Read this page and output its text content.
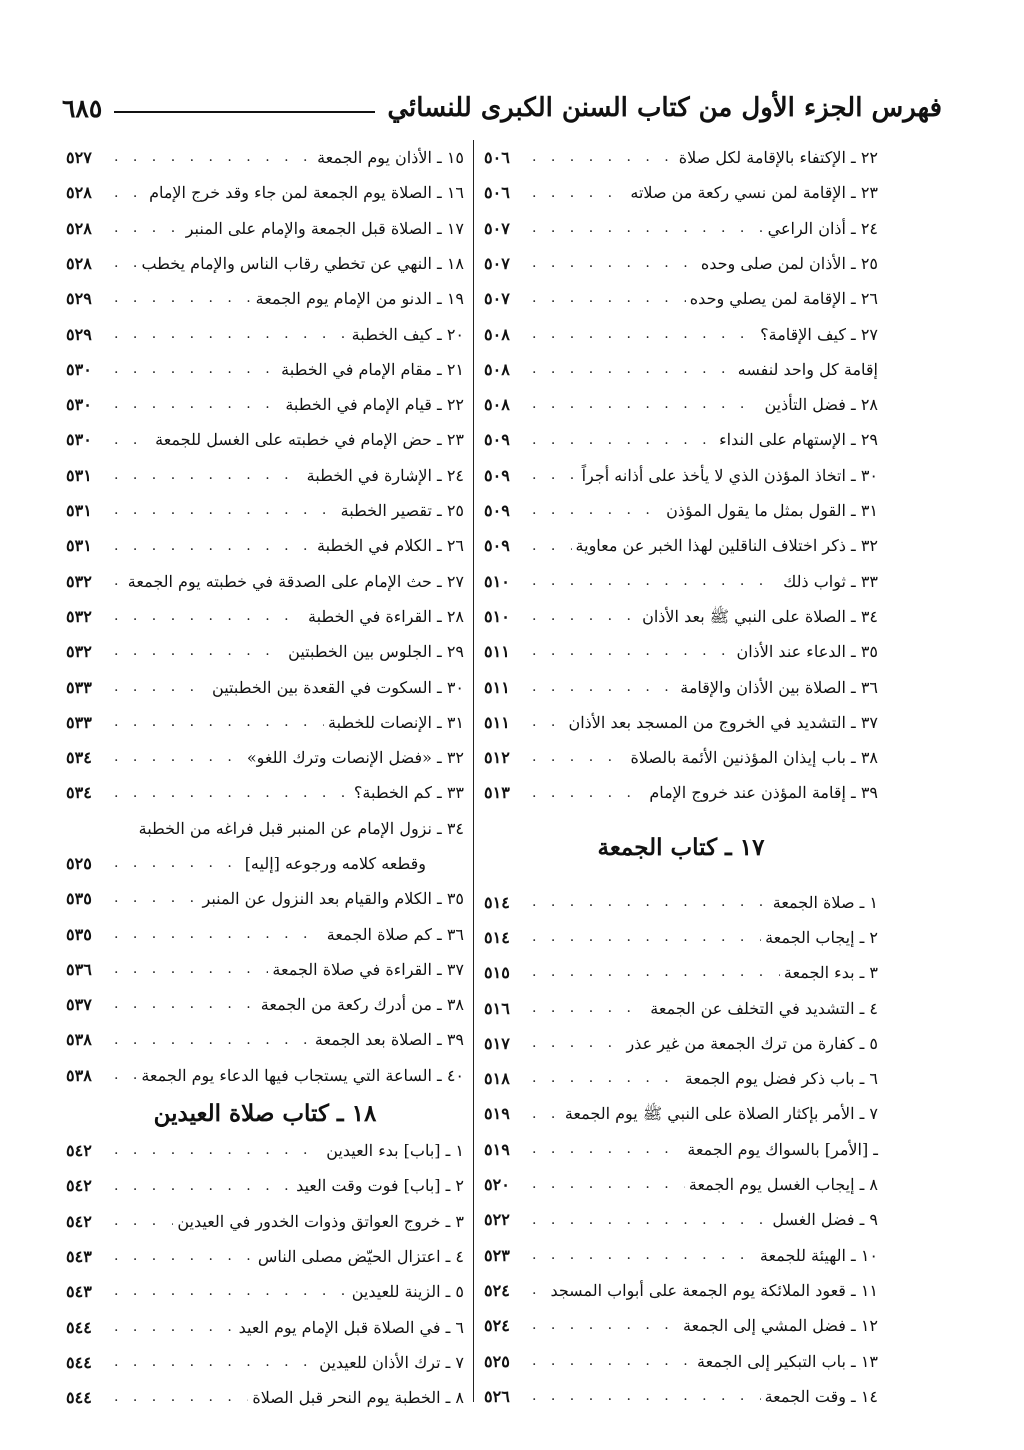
فهرس الجزء الأول من كتاب السنن الكبرى للنسائي
٦٨٥
٢٢ ـ الإكتفاء بالإقامة لكل صلاة
. . .
٥٠٦
٢٣ ـ الإقامة لمن نسي ركعة من صلاته
. . .
٥٠٦
٢٤ ـ أذان الراعي
. . .
٥٠٧
٢٥ ـ الأذان لمن صلى وحده
. . .
٥٠٧
٢٦ ـ الإقامة لمن يصلي وحده
. . .
٥٠٧
٢٧ ـ كيف الإقامة؟
. . .
٥٠٨
إقامة كل واحد لنفسه
. . .
٥٠٨
٢٨ ـ فضل التأذين
. . .
٥٠٨
٢٩ ـ الإستهام على النداء
. . .
٥٠٩
٣٠ ـ اتخاذ المؤذن الذي لا يأخذ على أذانه أجراً
. . .
٥٠٩
٣١ ـ القول بمثل ما يقول المؤذن
. . .
٥٠٩
٣٢ ـ ذكر اختلاف الناقلين لهذا الخبر عن معاوية
. . .
٥٠٩
٣٣ ـ ثواب ذلك
. . .
٥١٠
٣٤ ـ الصلاة على النبي ﷺ بعد الأذان
. . .
٥١٠
٣٥ ـ الدعاء عند الأذان
. . .
٥١١
٣٦ ـ الصلاة بين الأذان والإقامة
. . .
٥١١
٣٧ ـ التشديد في الخروج من المسجد بعد الأذان
. . .
٥١١
٣٨ ـ باب إيذان المؤذنين الأئمة بالصلاة
. . .
٥١٢
٣٩ ـ إقامة المؤذن عند خروج الإمام
. . .
٥١٣
١٧ ـ كتاب الجمعة
١ ـ صلاة الجمعة
. . .
٥١٤
٢ ـ إيجاب الجمعة
. . .
٥١٤
٣ ـ بدء الجمعة
. . .
٥١٥
٤ ـ التشديد في التخلف عن الجمعة
. . .
٥١٦
٥ ـ كفارة من ترك الجمعة من غير عذر
. . .
٥١٧
٦ ـ باب ذكر فضل يوم الجمعة
. . .
٥١٨
٧ ـ الأمر بإكثار الصلاة على النبي ﷺ يوم الجمعة
. . .
٥١٩
ـ [الأمر] بالسواك يوم الجمعة
. . .
٥١٩
٨ ـ إيجاب الغسل يوم الجمعة
. . .
٥٢٠
٩ ـ فضل الغسل
. . .
٥٢٢
١٠ ـ الهيئة للجمعة
. . .
٥٢٣
١١ ـ قعود الملائكة يوم الجمعة على أبواب المسجد
. . .
٥٢٤
١٢ ـ فضل المشي إلى الجمعة
. . .
٥٢٤
١٣ ـ باب التبكير إلى الجمعة
. . .
٥٢٥
١٤ ـ وقت الجمعة
. . .
٥٢٦
١٥ ـ الأذان يوم الجمعة
. . .
٥٢٧
١٦ ـ الصلاة يوم الجمعة لمن جاء وقد خرج الإمام
. . .
٥٢٨
١٧ ـ الصلاة قبل الجمعة والإمام على المنبر
. . .
٥٢٨
١٨ ـ النهي عن تخطي رقاب الناس والإمام يخطب
. . .
٥٢٨
١٩ ـ الدنو من الإمام يوم الجمعة
. . .
٥٢٩
٢٠ ـ كيف الخطبة
. . .
٥٢٩
٢١ ـ مقام الإمام في الخطبة
. . .
٥٣٠
٢٢ ـ قيام الإمام في الخطبة
. . .
٥٣٠
٢٣ ـ حض الإمام في خطبته على الغسل للجمعة
. . .
٥٣٠
٢٤ ـ الإشارة في الخطبة
. . .
٥٣١
٢٥ ـ تقصير الخطبة
. . .
٥٣١
٢٦ ـ الكلام في الخطبة
. . .
٥٣١
٢٧ ـ حث الإمام على الصدقة في خطبته يوم الجمعة
. . .
٥٣٢
٢٨ ـ القراءة في الخطبة
. . .
٥٣٢
٢٩ ـ الجلوس بين الخطبتين
. . .
٥٣٢
٣٠ ـ السكوت في القعدة بين الخطبتين
. . .
٥٣٣
٣١ ـ الإنصات للخطبة
. . .
٥٣٣
٣٢ ـ «فضل الإنصات وترك اللغو»
. . .
٥٣٤
٣٣ ـ كم الخطبة؟
. . .
٥٣٤
٣٤ ـ نزول الإمام عن المنبر قبل فراغه من الخطبة
وقطعه كلامه ورجوعه [إليه]
. . .
٥٢٥
٣٥ ـ الكلام والقيام بعد النزول عن المنبر
. . .
٥٣٥
٣٦ ـ كم صلاة الجمعة
. . .
٥٣٥
٣٧ ـ القراءة في صلاة الجمعة
. . .
٥٣٦
٣٨ ـ من أدرك ركعة من الجمعة
. . .
٥٣٧
٣٩ ـ الصلاة بعد الجمعة
. . .
٥٣٨
٤٠ ـ الساعة التي يستجاب فيها الدعاء يوم الجمعة
. . .
٥٣٨
١٨ ـ كتاب صلاة العيدين
١ ـ [باب] بدء العيدين
. . .
٥٤٢
٢ ـ [باب] فوت وقت العيد
. . .
٥٤٢
٣ ـ خروج العواتق وذوات الخدور في العيدين
. . .
٥٤٢
٤ ـ اعتزال الحيّض مصلى الناس
. . .
٥٤٣
٥ ـ الزينة للعيدين
. . .
٥٤٣
٦ ـ في الصلاة قبل الإمام يوم العيد
. . .
٥٤٤
٧ ـ ترك الأذان للعيدين
. . .
٥٤٤
٨ ـ الخطبة يوم النحر قبل الصلاة
. . .
٥٤٤
